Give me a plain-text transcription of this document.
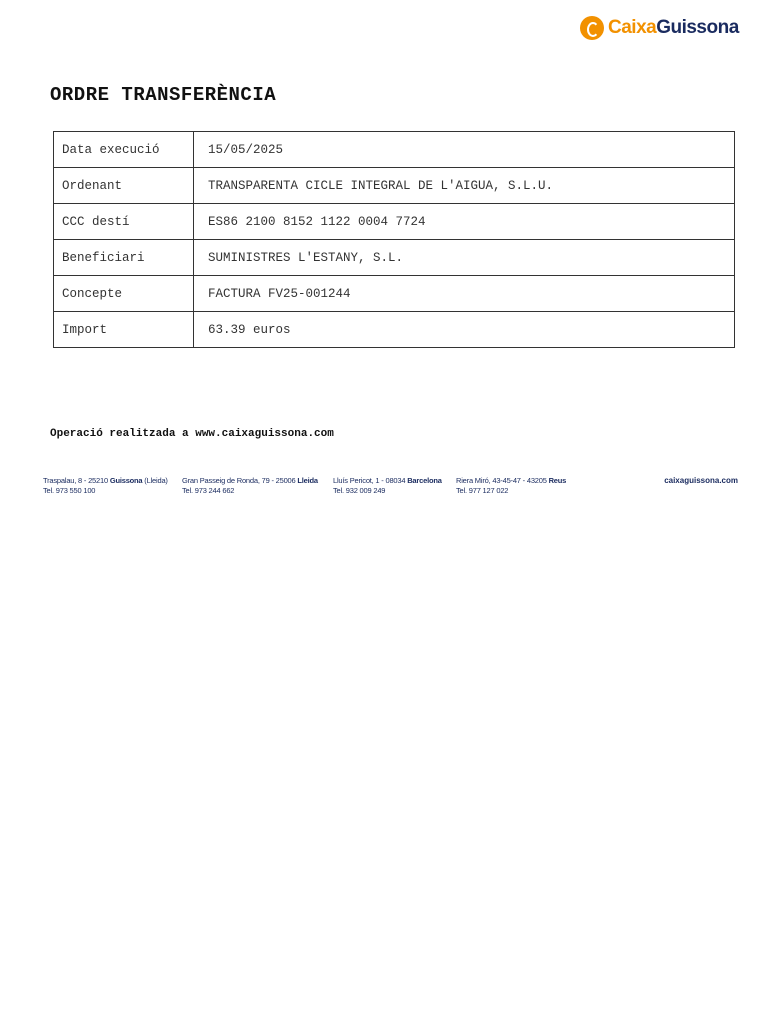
CaixaGuissona
ORDRE TRANSFERÈNCIA
Data execució	15/05/2025
Ordenant	TRANSPARENTA CICLE INTEGRAL DE L'AIGUA, S.L.U.
CCC destí	ES86 2100 8152 1122 0004 7724
Beneficiari	SUMINISTRES L'ESTANY, S.L.
Concepte	FACTURA FV25-001244
Import	63.39 euros
Operació realitzada a www.caixaguissona.com
Traspalau, 8 - 25210 Guissona (Lleida)
Tel. 973 550 100
Gran Passeig de Ronda, 79 - 25006 Lleida
Tel. 973 244 662
Lluís Pericot, 1 - 08034 Barcelona
Tel. 932 009 249
Riera Miró, 43-45-47 - 43205 Reus
Tel. 977 127 022
caixaguissona.com
